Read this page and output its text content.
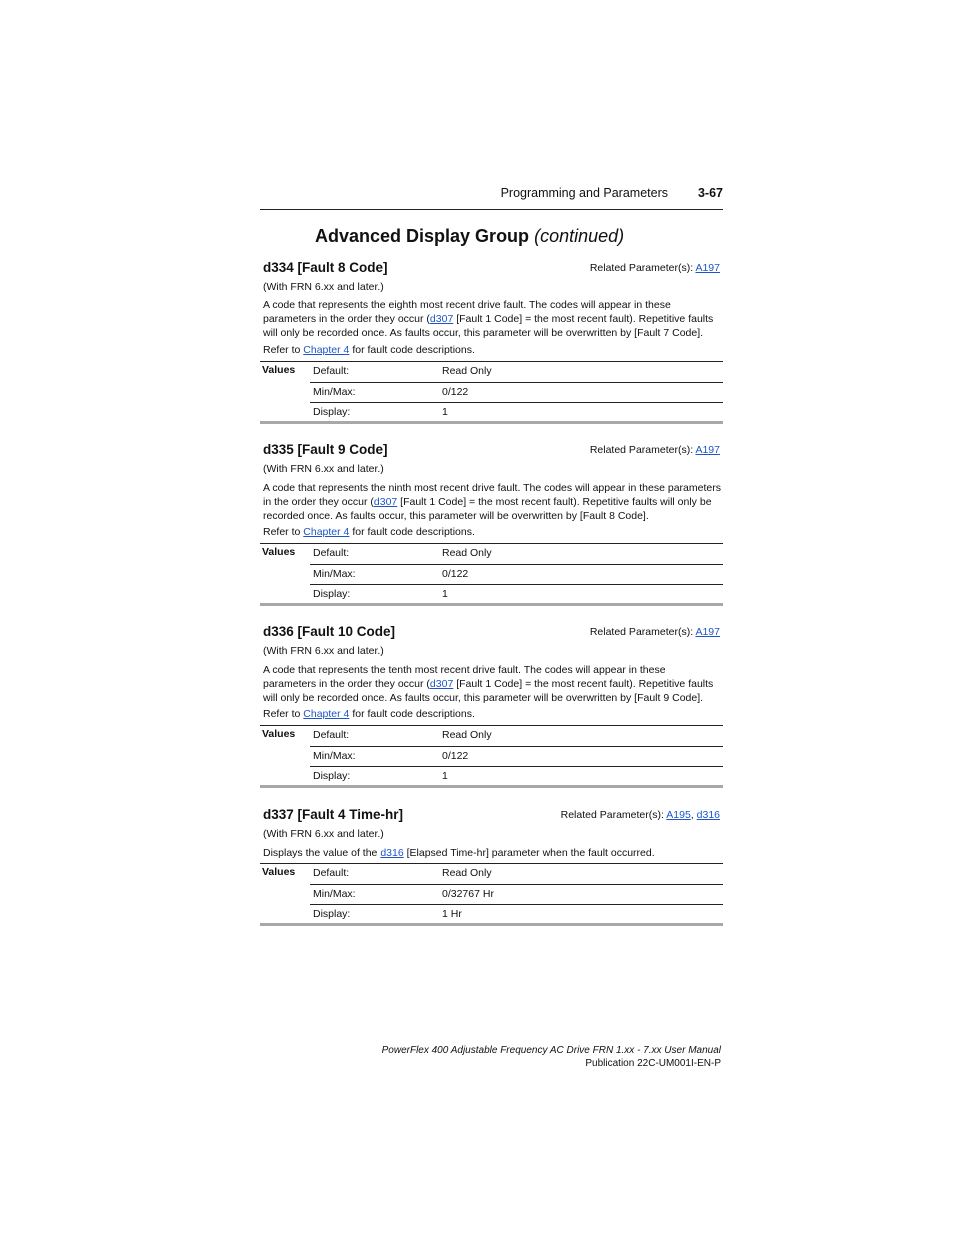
Programming and Parameters 3-67
Advanced Display Group (continued)
d334 [Fault 8 Code]	Related Parameter(s): A197
(With FRN 6.xx and later.)
A code that represents the eighth most recent drive fault. The codes will appear in these parameters in the order they occur (d307 [Fault 1 Code] = the most recent fault). Repetitive faults will only be recorded once. As faults occur, this parameter will be overwritten by [Fault 7 Code].
Refer to Chapter 4 for fault code descriptions.
Values Default:	Read Only
Min/Max:	0/122
Display:	1
d335 [Fault 9 Code]	Related Parameter(s): A197
(With FRN 6.xx and later.)
A code that represents the ninth most recent drive fault. The codes will appear in these parameters in the order they occur (d307 [Fault 1 Code] = the most recent fault). Repetitive faults will only be recorded once. As faults occur, this parameter will be overwritten by [Fault 8 Code].
Refer to Chapter 4 for fault code descriptions.
Values Default:	Read Only
Min/Max:	0/122
Display:	1
d336 [Fault 10 Code]	Related Parameter(s): A197
(With FRN 6.xx and later.)
A code that represents the tenth most recent drive fault. The codes will appear in these parameters in the order they occur (d307 [Fault 1 Code] = the most recent fault). Repetitive faults will only be recorded once. As faults occur, this parameter will be overwritten by [Fault 9 Code].
Refer to Chapter 4 for fault code descriptions.
Values Default:	Read Only
Min/Max:	0/122
Display:	1
d337 [Fault 4 Time-hr]	Related Parameter(s): A195, d316
(With FRN 6.xx and later.)
Displays the value of the d316 [Elapsed Time-hr] parameter when the fault occurred.
Values Default:	Read Only
Min/Max:	0/32767 Hr
Display:	1 Hr
PowerFlex 400 Adjustable Frequency AC Drive FRN 1.xx - 7.xx User Manual
Publication 22C-UM001I-EN-P
